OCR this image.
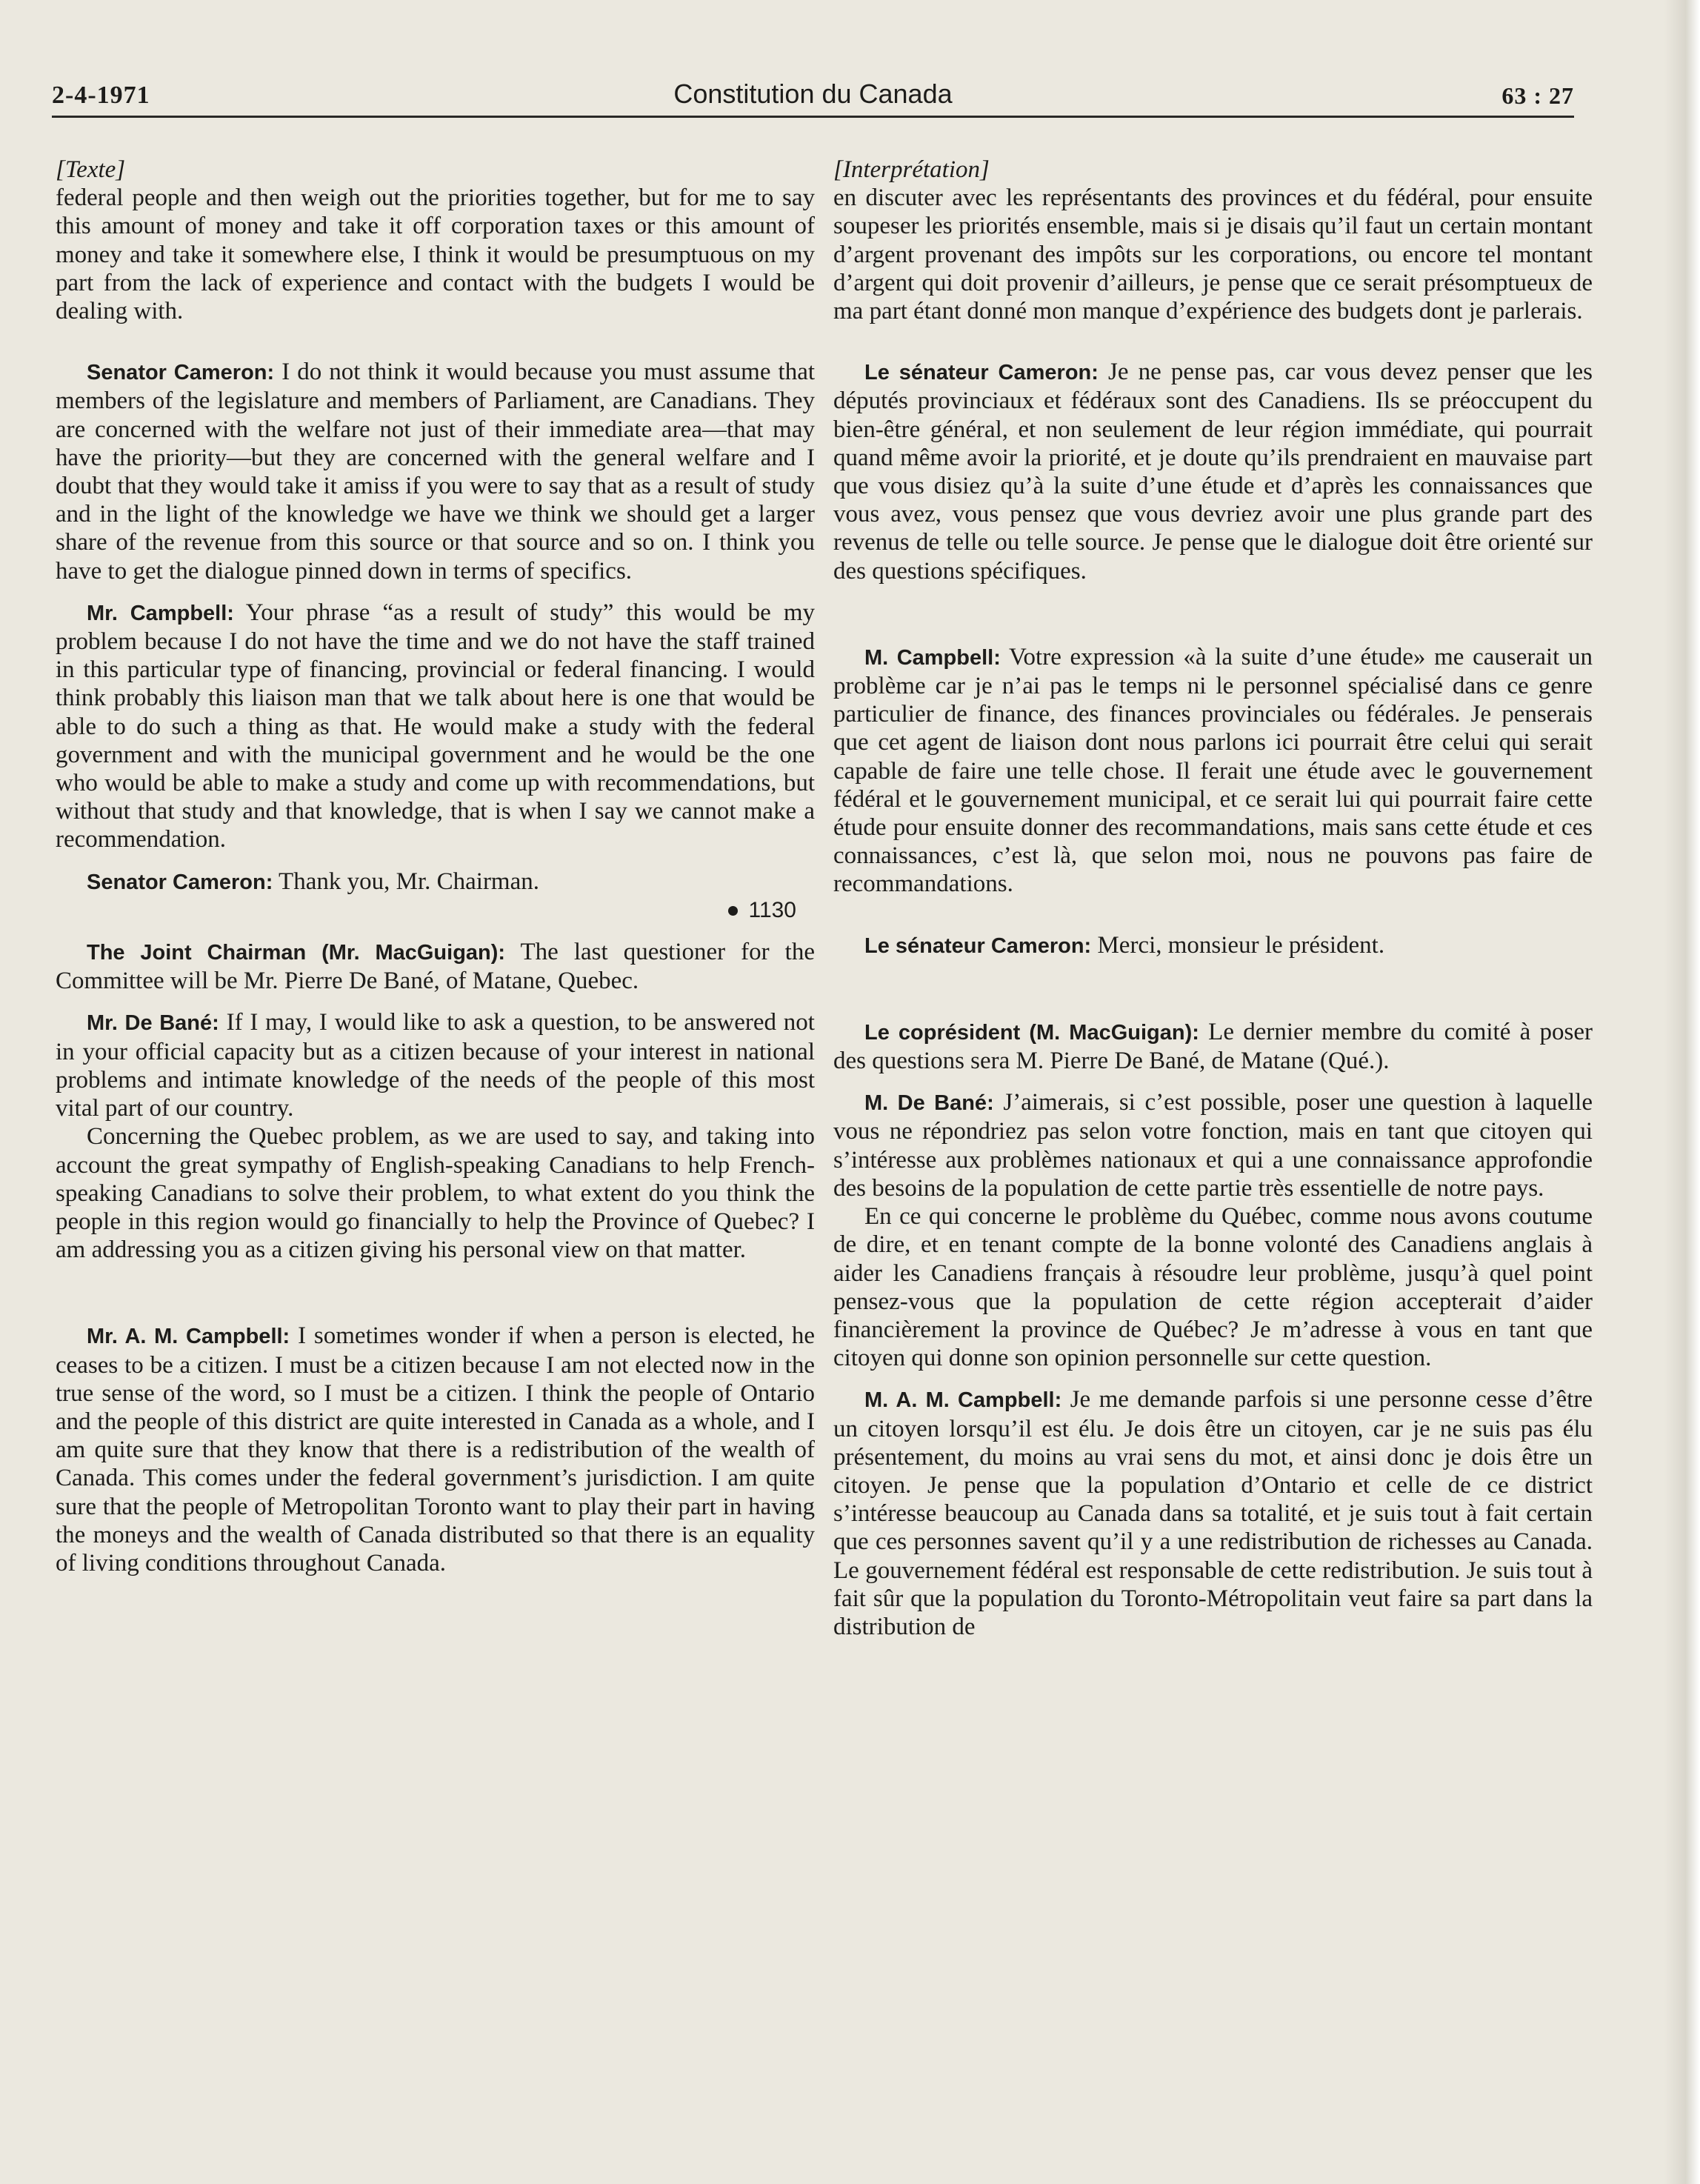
2-4-1971	Constitution du Canada	63 : 27

[Texte]

federal people and then weigh out the priorities together, but for me to say this amount of money and take it off corporation taxes or this amount of money and take it somewhere else, I think it would be presumptuous on my part from the lack of experience and contact with the budgets I would be dealing with.

Senator Cameron: I do not think it would because you must assume that members of the legislature and members of Parliament, are Canadians. They are concerned with the welfare not just of their immediate area—that may have the priority—but they are concerned with the general welfare and I doubt that they would take it amiss if you were to say that as a result of study and in the light of the knowledge we have we think we should get a larger share of the revenue from this source or that source and so on. I think you have to get the dialogue pinned down in terms of specifics.

Mr. Campbell: Your phrase “as a result of study” this would be my problem because I do not have the time and we do not have the staff trained in this particular type of financing, provincial or federal financing. I would think probably this liaison man that we talk about here is one that would be able to do such a thing as that. He would make a study with the federal government and with the municipal government and he would be the one who would be able to make a study and come up with recommendations, but without that study and that knowledge, that is when I say we cannot make a recommendation.

Senator Cameron: Thank you, Mr. Chairman.

1130

The Joint Chairman (Mr. MacGuigan): The last questioner for the Committee will be Mr. Pierre De Bané, of Matane, Quebec.

Mr. De Bané: If I may, I would like to ask a question, to be answered not in your official capacity but as a citizen because of your interest in national problems and intimate knowledge of the needs of the people of this most vital part of our country.

Concerning the Quebec problem, as we are used to say, and taking into account the great sympathy of English-speaking Canadians to help French-speaking Canadians to solve their problem, to what extent do you think the people in this region would go financially to help the Province of Quebec? I am addressing you as a citizen giving his personal view on that matter.

Mr. A. M. Campbell: I sometimes wonder if when a person is elected, he ceases to be a citizen. I must be a citizen because I am not elected now in the true sense of the word, so I must be a citizen. I think the people of Ontario and the people of this district are quite interested in Canada as a whole, and I am quite sure that they know that there is a redistribution of the wealth of Canada. This comes under the federal government’s jurisdiction. I am quite sure that the people of Metropolitan Toronto want to play their part in having the moneys and the wealth of Canada distributed so that there is an equality of living conditions throughout Canada.

[Interprétation]

en discuter avec les représentants des provinces et du fédéral, pour ensuite soupeser les priorités ensemble, mais si je disais qu’il faut un certain montant d’argent provenant des impôts sur les corporations, ou encore tel montant d’argent qui doit provenir d’ailleurs, je pense que ce serait présomptueux de ma part étant donné mon manque d’expérience des budgets dont je parlerais.

Le sénateur Cameron: Je ne pense pas, car vous devez penser que les députés provinciaux et fédéraux sont des Canadiens. Ils se préoccupent du bien-être général, et non seulement de leur région immédiate, qui pourrait quand même avoir la priorité, et je doute qu’ils prendraient en mauvaise part que vous disiez qu’à la suite d’une étude et d’après les connaissances que vous avez, vous pensez que vous devriez avoir une plus grande part des revenus de telle ou telle source. Je pense que le dialogue doit être orienté sur des questions spécifiques.

M. Campbell: Votre expression «à la suite d’une étude» me causerait un problème car je n’ai pas le temps ni le personnel spécialisé dans ce genre particulier de finance, des finances provinciales ou fédérales. Je penserais que cet agent de liaison dont nous parlons ici pourrait être celui qui serait capable de faire une telle chose. Il ferait une étude avec le gouvernement fédéral et le gouvernement municipal, et ce serait lui qui pourrait faire cette étude pour ensuite donner des recommandations, mais sans cette étude et ces connaissances, c’est là, que selon moi, nous ne pouvons pas faire de recommandations.

Le sénateur Cameron: Merci, monsieur le président.

Le coprésident (M. MacGuigan): Le dernier membre du comité à poser des questions sera M. Pierre De Bané, de Matane (Qué.).

M. De Bané: J’aimerais, si c’est possible, poser une question à laquelle vous ne répondriez pas selon votre fonction, mais en tant que citoyen qui s’intéresse aux problèmes nationaux et qui a une connaissance approfondie des besoins de la population de cette partie très essentielle de notre pays.

En ce qui concerne le problème du Québec, comme nous avons coutume de dire, et en tenant compte de la bonne volonté des Canadiens anglais à aider les Canadiens français à résoudre leur problème, jusqu’à quel point pensez-vous que la population de cette région accepterait d’aider financièrement la province de Québec? Je m’adresse à vous en tant que citoyen qui donne son opinion personnelle sur cette question.

M. A. M. Campbell: Je me demande parfois si une personne cesse d’être un citoyen lorsqu’il est élu. Je dois être un citoyen, car je ne suis pas élu présentement, du moins au vrai sens du mot, et ainsi donc je dois être un citoyen. Je pense que la population d’Ontario et celle de ce district s’intéresse beaucoup au Canada dans sa totalité, et je suis tout à fait certain que ces personnes savent qu’il y a une redistribution de richesses au Canada. Le gouvernement fédéral est responsable de cette redistribution. Je suis tout à fait sûr que la population du Toronto-Métropolitain veut faire sa part dans la distribution de
